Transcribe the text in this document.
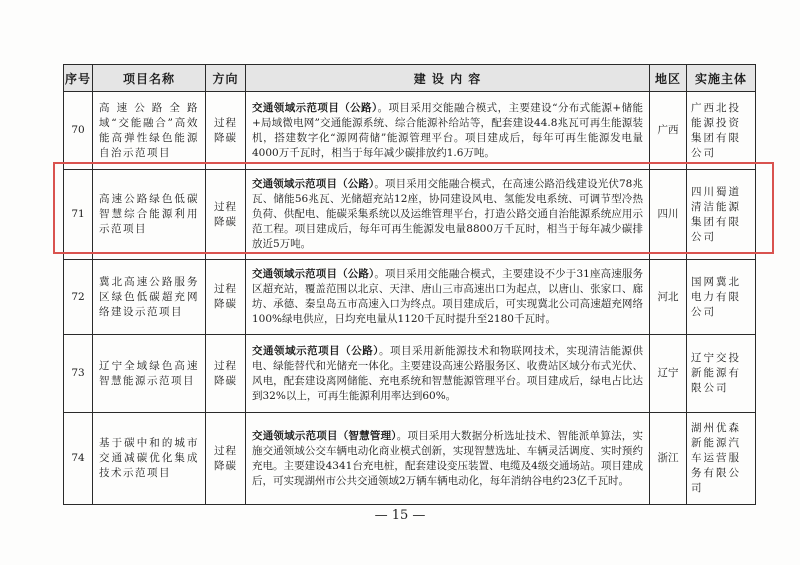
序号	项目名称	方向	建 设 内 容	地区	实施主体
70	高速公路全路域“交能融合”高效能高弹性绿色能源自治示范项目	过程降碳	交通领域示范项目（公路）。项目采用交能融合模式，主要建设“分布式能源+储能+局域微电网”交通能源系统、综合能源补给站等，配套建设44.8兆瓦可再生能源装机，搭建数字化“源网荷储”能源管理平台。项目建成后，每年可再生能源发电量4000万千瓦时，相当于每年减少碳排放约1.6万吨。	广西	广西北投能源投资集团有限公司
71	高速公路绿色低碳智慧综合能源利用示范项目	过程降碳	交通领域示范项目（公路）。项目采用交能融合模式，在高速公路沿线建设光伏78兆瓦、储能56兆瓦、光储超充站12座，协同建设风电、氢能发电系统、可调节型冷热负荷、供配电、能碳采集系统以及运维管理平台，打造公路交通自治能源系统应用示范工程。项目建成后，每年可再生能源发电量8800万千瓦时，相当于每年减少碳排放近5万吨。	四川	四川蜀道清洁能源集团有限公司
72	冀北高速公路服务区绿色低碳超充网络建设示范项目	过程降碳	交通领域示范项目（公路）。项目采用交能融合模式，主要建设不少于31座高速服务区超充站，覆盖范围以北京、天津、唐山三市高速出口为起点，以唐山、张家口、廊坊、承德、秦皇岛五市高速入口为终点。项目建成后，可实现冀北公司高速超充网络100%绿电供应，日均充电量从1120千瓦时提升至2180千瓦时。	河北	国网冀北电力有限公司
73	辽宁全域绿色高速智慧能源示范项目	过程降碳	交通领域示范项目（公路）。项目采用新能源技术和物联网技术，实现清洁能源供电、绿能替代和光储充一体化。主要建设高速公路服务区、收费站区域分布式光伏、风电，配套建设离网储能、充电系统和智慧能源管理平台。项目建成后，绿电占比达到32%以上，可再生能源利用率达到60%。	辽宁	辽宁交投新能源有限公司
74	基于碳中和的城市交通减碳优化集成技术示范项目	过程降碳	交通领域示范项目（智慧管理）。项目采用大数据分析选址技术、智能派单算法，实施交通领域公交车辆电动化商业模式创新，实现智慧选址、车辆灵活调度、实时预约充电。主要建设4341台充电桩，配套建设变压装置、电缆及4级交通场站。项目建成后，可实现湖州市公共交通领域2万辆车辆电动化，每年消纳谷电约23亿千瓦时。	浙江	湖州优森新能源汽车运营服务有限公司
— 15 —
